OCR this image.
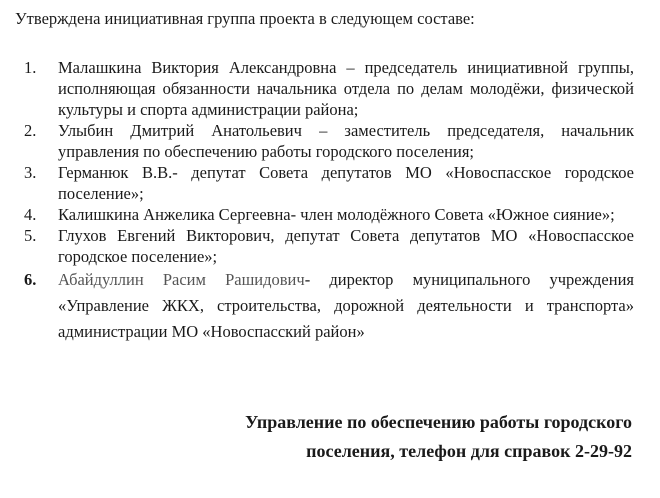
Утверждена инициативная группа проекта в следующем составе:
1.	Малашкина Виктория Александровна – председатель инициативной группы, исполняющая обязанности начальника отдела по делам молодёжи, физической культуры и спорта администрации района;
2.	Улыбин Дмитрий Анатольевич – заместитель председателя, начальник управления по обеспечению работы городского поселения;
3.	Германюк В.В.- депутат Совета депутатов МО «Новоспасское городское поселение»;
4.	Калишкина Анжелика Сергеевна- член молодёжного Совета «Южное сияние»;
5.	Глухов Евгений Викторович, депутат Совета депутатов МО «Новоспасское городское поселение»;
6.	Абайдуллин Расим Рашидович- директор муниципального учреждения «Управление ЖКХ, строительства, дорожной деятельности и транспорта» администрации МО «Новоспасский район»
Управление по обеспечению работы городского
поселения, телефон для справок 2-29-92
